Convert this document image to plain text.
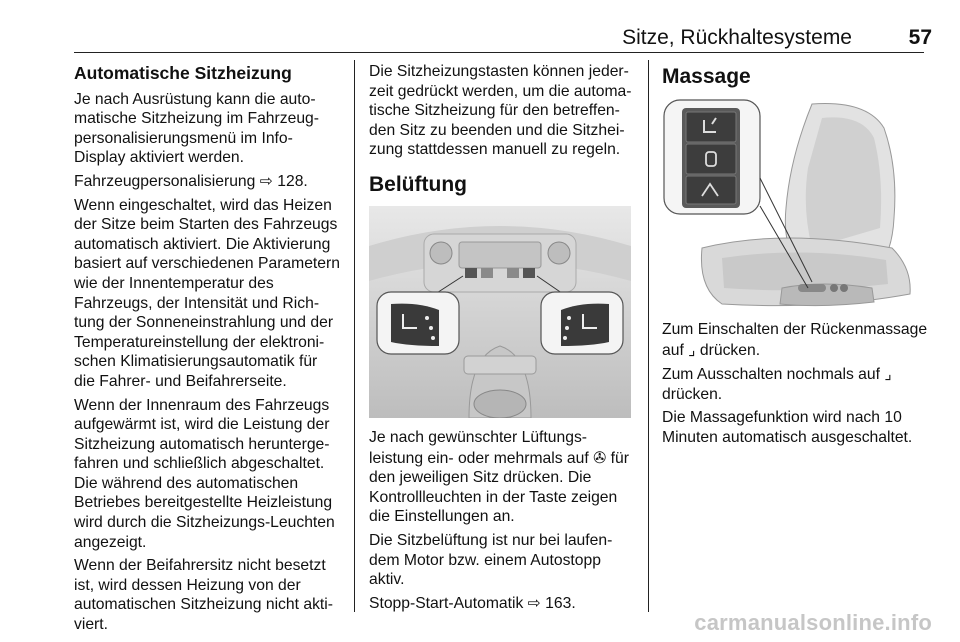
Sitze, Rückhaltesysteme	57
Automatische Sitzheizung

Je nach Ausrüstung kann die automatische Sitzheizung im Fahrzeugpersonalisierungsmenü im Info-Display aktiviert werden.

Fahrzeugpersonalisierung ⇨ 128.

Wenn eingeschaltet, wird das Heizen der Sitze beim Starten des Fahrzeugs automatisch aktiviert. Die Aktivierung basiert auf verschiedenen Parametern wie der Innentemperatur des Fahrzeugs, der Intensität und Richtung der Sonneneinstrahlung und der Temperatureinstellung der elektronischen Klimatisierungsautomatik für die Fahrer- und Beifahrerseite.

Wenn der Innenraum des Fahrzeugs aufgewärmt ist, wird die Leistung der Sitzheizung automatisch heruntergefahren und schließlich abgeschaltet. Die während des automatischen Betriebes bereitgestellte Heizleistung wird durch die Sitzheizungs-Leuchten angezeigt.

Wenn der Beifahrersitz nicht besetzt ist, wird dessen Heizung von der automatischen Sitzheizung nicht aktiviert.

Die Sitzheizungstasten können jederzeit gedrückt werden, um die automatische Sitzheizung für den betreffenden Sitz zu beenden und die Sitzheizung stattdessen manuell zu regeln.

Belüftung

Je nach gewünschter Lüftungsleistung ein- oder mehrmals auf ✇ für den jeweiligen Sitz drücken. Die Kontrollleuchten in der Taste zeigen die Einstellungen an.

Die Sitzbelüftung ist nur bei laufendem Motor bzw. einem Autostopp aktiv.

Stopp-Start-Automatik ⇨ 163.

Massage

Zum Einschalten der Rückenmassage auf ⌟ drücken.

Zum Ausschalten nochmals auf ⌟ drücken.

Die Massagefunktion wird nach 10 Minuten automatisch ausgeschaltet.

carmanualsonline.info
